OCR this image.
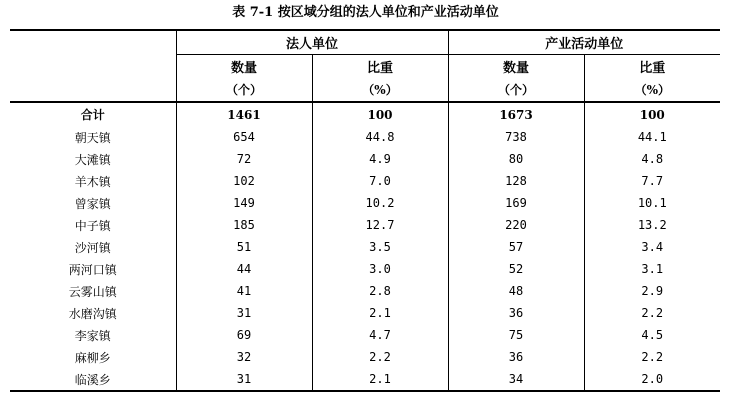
表 7-1 按区域分组的法人单位和产业活动单位
	法人单位		产业活动单位	
	数量	比重	数量	比重
	（个）	（%）	（个）	（%）
合计	1461	100	1673	100
朝天镇	654	44.8	738	44.1
大滩镇	72	4.9	80	4.8
羊木镇	102	7.0	128	7.7
曾家镇	149	10.2	169	10.1
中子镇	185	12.7	220	13.2
沙河镇	51	3.5	57	3.4
两河口镇	44	3.0	52	3.1
云雾山镇	41	2.8	48	2.9
水磨沟镇	31	2.1	36	2.2
李家镇	69	4.7	75	4.5
麻柳乡	32	2.2	36	2.2
临溪乡	31	2.1	34	2.0
